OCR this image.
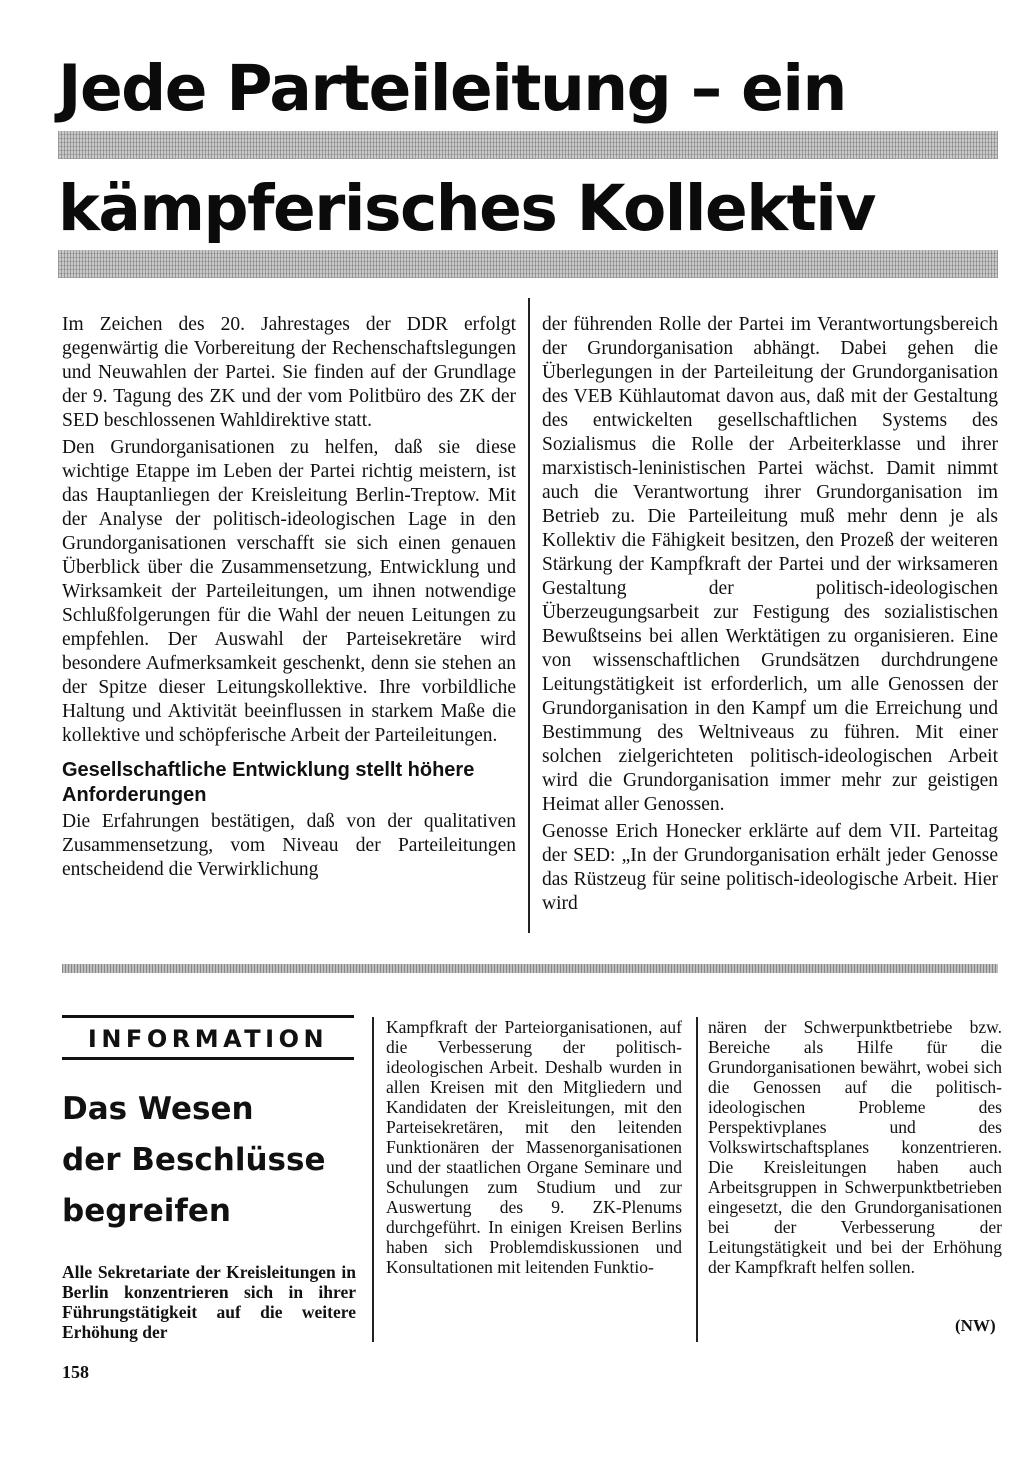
Jede Parteileitung – ein
kämpferisches Kollektiv

Im Zeichen des 20. Jahrestages der DDR erfolgt gegenwärtig die Vorbereitung der Rechenschaftslegungen und Neuwahlen der Partei. Sie finden auf der Grundlage der 9. Tagung des ZK und der vom Politbüro des ZK der SED beschlossenen Wahldirektive statt.

Den Grundorganisationen zu helfen, daß sie diese wichtige Etappe im Leben der Partei richtig meistern, ist das Hauptanliegen der Kreisleitung Berlin-Treptow. Mit der Analyse der politisch-ideologischen Lage in den Grundorganisationen verschafft sie sich einen genauen Überblick über die Zusammensetzung, Entwicklung und Wirksamkeit der Parteileitungen, um ihnen notwendige Schlußfolgerungen für die Wahl der neuen Leitungen zu empfehlen. Der Auswahl der Parteisekretäre wird besondere Aufmerksamkeit geschenkt, denn sie stehen an der Spitze dieser Leitungskollektive. Ihre vorbildliche Haltung und Aktivität beeinflussen in starkem Maße die kollektive und schöpferische Arbeit der Parteileitungen.

Gesellschaftliche Entwicklung stellt höhere Anforderungen

Die Erfahrungen bestätigen, daß von der qualitativen Zusammensetzung, vom Niveau der Parteileitungen entscheidend die Verwirklichung

der führenden Rolle der Partei im Verantwortungsbereich der Grundorganisation abhängt. Dabei gehen die Überlegungen in der Parteileitung der Grundorganisation des VEB Kühlautomat davon aus, daß mit der Gestaltung des entwickelten gesellschaftlichen Systems des Sozialismus die Rolle der Arbeiterklasse und ihrer marxistisch-leninistischen Partei wächst. Damit nimmt auch die Verantwortung ihrer Grundorganisation im Betrieb zu. Die Parteileitung muß mehr denn je als Kollektiv die Fähigkeit besitzen, den Prozeß der weiteren Stärkung der Kampfkraft der Partei und der wirksameren Gestaltung der politisch-ideologischen Überzeugungsarbeit zur Festigung des sozialistischen Bewußtseins bei allen Werktätigen zu organisieren. Eine von wissenschaftlichen Grundsätzen durchdrungene Leitungstätigkeit ist erforderlich, um alle Genossen der Grundorganisation in den Kampf um die Erreichung und Bestimmung des Weltniveaus zu führen. Mit einer solchen zielgerichteten politisch-ideologischen Arbeit wird die Grundorganisation immer mehr zur geistigen Heimat aller Genossen.

Genosse Erich Honecker erklärte auf dem VII. Parteitag der SED: „In der Grundorganisation erhält jeder Genosse das Rüstzeug für seine politisch-ideologische Arbeit. Hier wird

INFORMATION
Das Wesen
der Beschlüsse
begreifen

Alle Sekretariate der Kreisleitungen in Berlin konzentrieren sich in ihrer Führungstätigkeit auf die weitere Erhöhung der

Kampfkraft der Parteiorganisationen, auf die Verbesserung der politisch-ideologischen Arbeit. Deshalb wurden in allen Kreisen mit den Mitgliedern und Kandidaten der Kreisleitungen, mit den Parteisekretären, mit den leitenden Funktionären der Massenorganisationen und der staatlichen Organe Seminare und Schulungen zum Studium und zur Auswertung des 9. ZK-Plenums durchgeführt. In einigen Kreisen Berlins haben sich Problemdiskussionen und Konsultationen mit leitenden Funktio-

nären der Schwerpunktbetriebe bzw. Bereiche als Hilfe für die Grundorganisationen bewährt, wobei sich die Genossen auf die politisch-ideologischen Probleme des Perspektivplanes und des Volkswirtschaftsplanes konzentrieren. Die Kreisleitungen haben auch Arbeitsgruppen in Schwerpunktbetrieben eingesetzt, die den Grundorganisationen bei der Verbesserung der Leitungstätigkeit und bei der Erhöhung der Kampfkraft helfen sollen.

(NW)
158
